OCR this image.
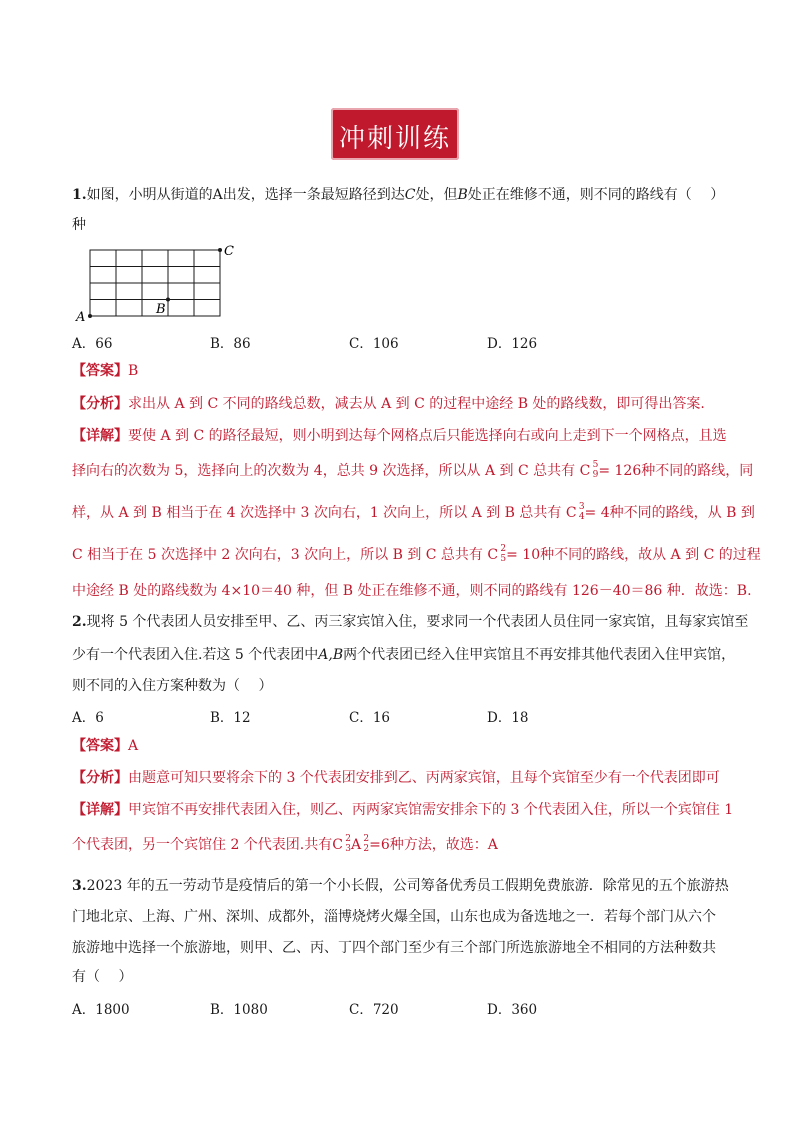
冲刺训练
1.如图，小明从街道的A出发，选择一条最短路径到达C处，但B处正在维修不通，则不同的路线有（　 ）
种
A
B
C
A．66	B．86	C．106	D．126
【答案】B
【分析】求出从 A 到 C 不同的路线总数，减去从 A 到 C 的过程中途经 B 处的路线数，即可得出答案.
【详解】要使 A 到 C 的路径最短，则小明到达每个网格点后只能选择向右或向上走到下一个网格点，且选
择向右的次数为 5，选择向上的次数为 4，总共 9 次选择，所以从 A 到 C 总共有 C 5
9 = 126种不同的路线，同
样，从 A 到 B 相当于在 4 次选择中 3 次向右，1 次向上，所以 A 到 B 总共有 C 3
4 = 4种不同的路线，从 B 到
C 相当于在 5 次选择中 2 次向右，3 次向上，所以 B 到 C 总共有 C 2
5 = 10种不同的路线，故从 A 到 C 的过程
中途经 B 处的路线数为 4×10＝40 种，但 B 处正在维修不通，则不同的路线有 126－40＝86 种．故选：B.
2.现将 5 个代表团人员安排至甲、乙、丙三家宾馆入住，要求同一个代表团人员住同一家宾馆，且每家宾馆至
少有一个代表团入住.若这 5 个代表团中A,B两个代表团已经入住甲宾馆且不再安排其他代表团入住甲宾馆，
则不同的入住方案种数为（　 ）
A．6	B．12	C．16	D．18
【答案】A
【分析】由题意可知只要将余下的 3 个代表团安排到乙、丙两家宾馆，且每个宾馆至少有一个代表团即可
【详解】甲宾馆不再安排代表团入住，则乙、丙两家宾馆需安排余下的 3 个代表团入住，所以一个宾馆住 1
个代表团，另一个宾馆住 2 个代表团.共有C 2
3 A 2
2 =6种方法，故选：A
3.2023 年的五一劳动节是疫情后的第一个小长假，公司筹备优秀员工假期免费旅游．除常见的五个旅游热
门地北京、上海、广州、深圳、成都外，淄博烧烤火爆全国，山东也成为备选地之一．若每个部门从六个
旅游地中选择一个旅游地，则甲、乙、丙、丁四个部门至少有三个部门所选旅游地全不相同的方法种数共
有（　 ）
A．1800	B．1080	C．720	D．360
